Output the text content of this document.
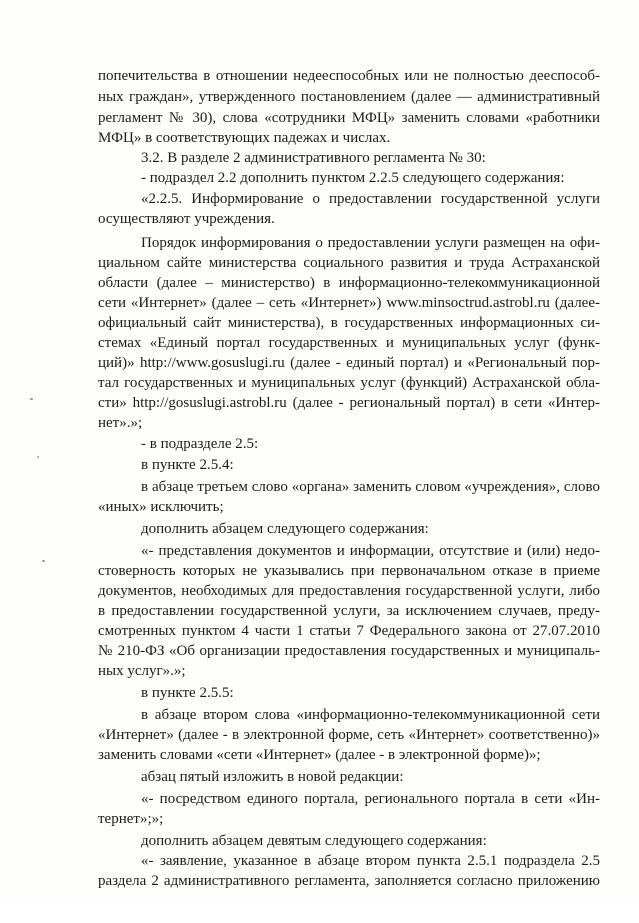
попечительства в отношении недееспособных или не полностью дееспособ-
ных граждан», утвержденного постановлением (далее — административный
регламент № 30), слова «сотрудники МФЦ» заменить словами «работники
МФЦ» в соответствующих падежах и числах.
3.2. В разделе 2 административного регламента № 30:
- подраздел 2.2 дополнить пунктом 2.2.5 следующего содержания:
«2.2.5. Информирование о предоставлении государственной услуги
осуществляют учреждения.
Порядок информирования о предоставлении услуги размещен на офи-
циальном сайте министерства социального развития и труда Астраханской
области (далее – министерство) в информационно-телекоммуникационной
сети «Интернет» (далее – сеть «Интернет») www.minsoctrud.astrobl.ru (далее-
официальный сайт министерства), в государственных информационных си-
стемах «Единый портал государственных и муниципальных услуг (функ-
ций)» http://www.gosuslugi.ru (далее - единый портал) и «Региональный пор-
тал государственных и муниципальных услуг (функций) Астраханской обла-
сти» http://gosuslugi.astrobl.ru (далее - региональный портал) в сети «Интер-
нет».»;
- в подразделе 2.5:
в пункте 2.5.4:
в абзаце третьем слово «органа» заменить словом «учреждения», слово
«иных» исключить;
дополнить абзацем следующего содержания:
«- представления документов и информации, отсутствие и (или) недо-
стоверность которых не указывались при первоначальном отказе в приеме
документов, необходимых для предоставления государственной услуги, либо
в предоставлении государственной услуги, за исключением случаев, преду-
смотренных пунктом 4 части 1 статьи 7 Федерального закона от 27.07.2010
№ 210-ФЗ «Об организации предоставления государственных и муниципаль-
ных услуг».»;
в пункте 2.5.5:
в абзаце втором слова «информационно-телекоммуникационной сети
«Интернет» (далее - в электронной форме, сеть «Интернет» соответственно)»
заменить словами «сети «Интернет» (далее - в электронной форме)»;
абзац пятый изложить в новой редакции:
«- посредством единого портала, регионального портала в сети «Ин-
тернет»;»;
дополнить абзацем девятым следующего содержания:
«- заявление, указанное в абзаце втором пункта 2.5.1 подраздела 2.5
раздела 2 административного регламента, заполняется согласно приложению
